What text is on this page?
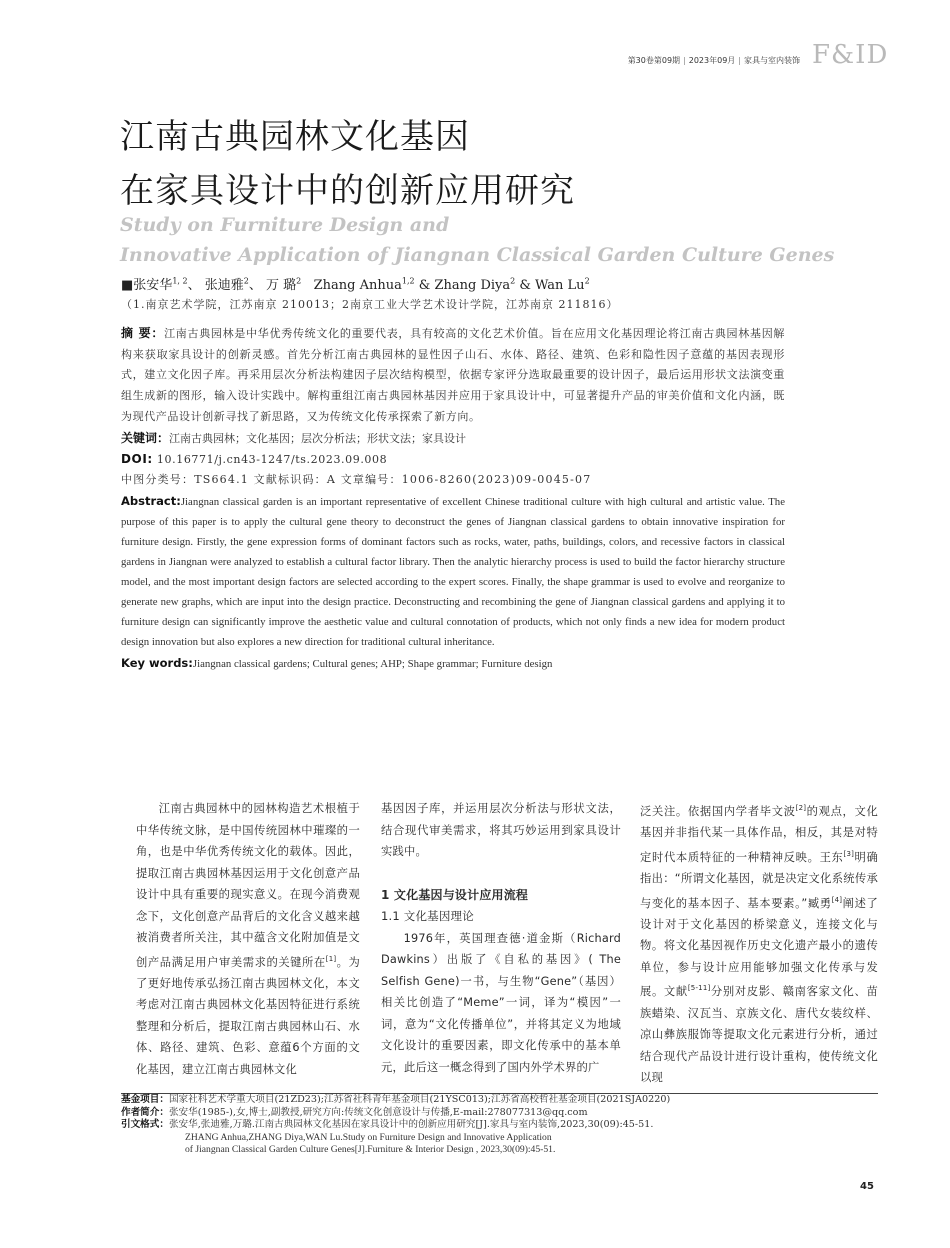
第30卷第09期 | 2023年09月 | 家具与室内装饰 F&ID
江南古典园林文化基因
在家具设计中的创新应用研究
Study on Furniture Design and
Innovative Application of Jiangnan Classical Garden Culture Genes
■张安华$^{1, 2}$、 张迪雅$^2$、 万 璐$^2$ Zhang Anhua$^{1,2}$ & Zhang Diya$^2$ & Wan Lu$^2$
（1.南京艺术学院，江苏南京 210013；2南京工业大学艺术设计学院，江苏南京 211816）
摘 要：江南古典园林是中华优秀传统文化的重要代表，具有较高的文化艺术价值。旨在应用文化基因理论将江南古典园林基因解构来获取家具设计的创新灵感。首先分析江南古典园林的显性因子山石、水体、路径、建筑、色彩和隐性因子意蕴的基因表现形式，建立文化因子库。再采用层次分析法构建因子层次结构模型，依据专家评分选取最重要的设计因子，最后运用形状文法演变重组生成新的图形，输入设计实践中。解构重组江南古典园林基因并应用于家具设计中，可显著提升产品的审美价值和文化内涵，既为现代产品设计创新寻找了新思路，又为传统文化传承探索了新方向。
关键词：江南古典园林；文化基因；层次分析法；形状文法；家具设计
DOI: 10.16771/j.cn43-1247/ts.2023.09.008
中图分类号：TS664.1 文献标识码：A 文章编号：1006-8260(2023)09-0045-07
Abstract:Jiangnan classical garden is an important representative of excellent Chinese traditional culture with high cultural and artistic value. The purpose of this paper is to apply the cultural gene theory to deconstruct the genes of Jiangnan classical gardens to obtain innovative inspiration for furniture design. Firstly, the gene expression forms of dominant factors such as rocks, water, paths, buildings, colors, and recessive factors in classical gardens in Jiangnan were analyzed to establish a cultural factor library. Then the analytic hierarchy process is used to build the factor hierarchy structure model, and the most important design factors are selected according to the expert scores. Finally, the shape grammar is used to evolve and reorganize to generate new graphs, which are input into the design practice. Deconstructing and recombining the gene of Jiangnan classical gardens and applying it to furniture design can significantly improve the aesthetic value and cultural connotation of products, which not only finds a new idea for modern product design innovation but also explores a new direction for traditional cultural inheritance.
Key words:Jiangnan classical gardens; Cultural genes; AHP; Shape grammar; Furniture design

江南古典园林中的园林构造艺术根植于中华传统文脉，是中国传统园林中璀璨的一角，也是中华优秀传统文化的载体。因此，提取江南古典园林基因运用于文化创意产品设计中具有重要的现实意义。在现今消费观念下，文化创意产品背后的文化含义越来越被消费者所关注，其中蕴含文化附加值是文创产品满足用户审美需求的关键所在[1]。为了更好地传承弘扬江南古典园林文化，本文考虑对江南古典园林文化基因特征进行系统整理和分析后，提取江南古典园林山石、水体、路径、建筑、色彩、意蕴6个方面的文化基因，建立江南古典园林文化

基因因子库，并运用层次分析法与形状文法，结合现代审美需求，将其巧妙运用到家具设计实践中。

1 文化基因与设计应用流程

1.1 文化基因理论

1976年，英国理查德·道金斯（Richard Dawkins）出版了《自私的基因》( The Selfish Gene)一书，与生物“Gene”（基因）相关比创造了“Meme”一词，译为“模因”一词，意为“文化传播单位”，并将其定义为地域文化设计的重要因素，即文化传承中的基本单元，此后这一概念得到了国内外学术界的广

泛关注。依据国内学者毕文波[2]的观点，文化基因并非指代某一具体作品，相反，其是对特定时代本质特征的一种精神反映。王东[3]明确指出：“所谓文化基因，就是决定文化系统传承与变化的基本因子、基本要素。”臧勇[4]阐述了设计对于文化基因的桥梁意义，连接文化与物。将文化基因视作历史文化遗产最小的遗传单位，参与设计应用能够加强文化传承与发展。文献[5-11]分别对皮影、赣南客家文化、苗族蜡染、汉瓦当、京族文化、唐代女装纹样、凉山彝族服饰等提取文化元素进行分析，通过结合现代产品设计进行设计重构，使传统文化以现

基金项目：国家社科艺术学重大项目(21ZD23);江苏省社科青年基金项目(21YSC013);江苏省高校哲社基金项目(2021SJA0220)
作者简介：张安华(1985-),女,博士,副教授,研究方向:传统文化创意设计与传播,E-mail:278077313@qq.com
引文格式：张安华,张迪雅,万璐.江南古典园林文化基因在家具设计中的创新应用研究[J].家具与室内装饰,2023,30(09):45-51.
ZHANG Anhua,ZHANG Diya,WAN Lu.Study on Furniture Design and Innovative Application
of Jiangnan Classical Garden Culture Genes[J].Furniture & Interior Design , 2023,30(09):45-51.
45
